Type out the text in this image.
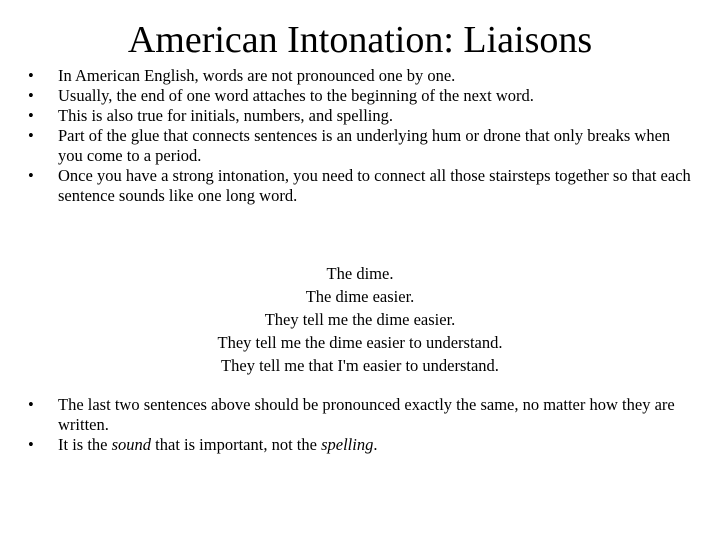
American Intonation: Liaisons
•	In American English, words are not pronounced one by one.
•	Usually, the end of one word attaches to the beginning of the next word.
•	This is also true for initials, numbers, and spelling.
•	Part of the glue that connects sentences is an underlying hum or drone that only breaks when you come to a period.
•	Once you have a strong intonation, you need to connect all those stairsteps together so that each sentence sounds like one long word.
The dime.
The dime easier.
They tell me the dime easier.
They tell me the dime easier to understand.
They tell me that I'm easier to understand.
•	The last two sentences above should be pronounced exactly the same, no matter how they are written.
•	It is the sound that is important, not the spelling.
